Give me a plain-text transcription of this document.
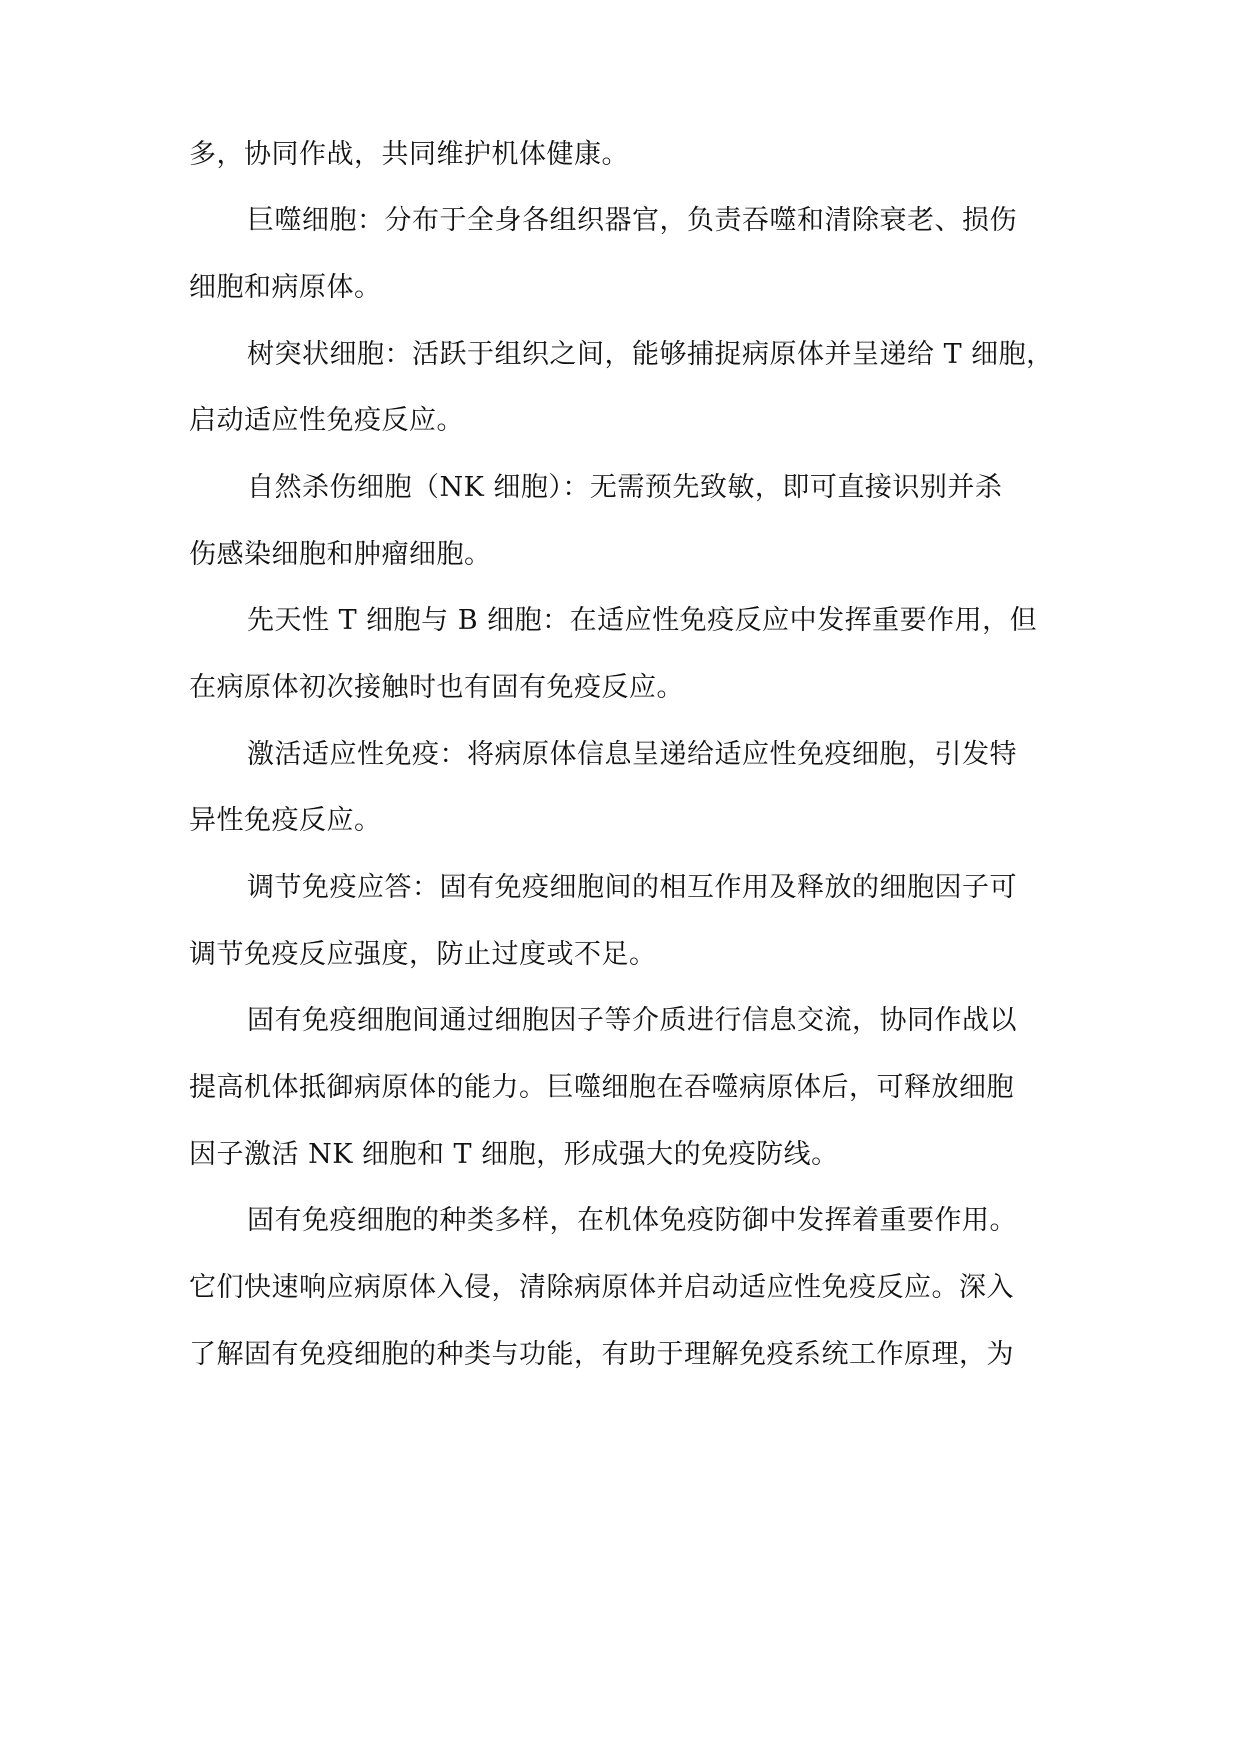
多，协同作战，共同维护机体健康。

巨噬细胞：分布于全身各组织器官，负责吞噬和清除衰老、损伤

细胞和病原体。

树突状细胞：活跃于组织之间，能够捕捉病原体并呈递给 T 细胞，

启动适应性免疫反应。

自然杀伤细胞（NK 细胞）：无需预先致敏，即可直接识别并杀

伤感染细胞和肿瘤细胞。

先天性 T 细胞与 B 细胞：在适应性免疫反应中发挥重要作用，但

在病原体初次接触时也有固有免疫反应。

激活适应性免疫：将病原体信息呈递给适应性免疫细胞，引发特

异性免疫反应。

调节免疫应答：固有免疫细胞间的相互作用及释放的细胞因子可

调节免疫反应强度，防止过度或不足。

固有免疫细胞间通过细胞因子等介质进行信息交流，协同作战以

提高机体抵御病原体的能力。巨噬细胞在吞噬病原体后，可释放细胞

因子激活 NK 细胞和 T 细胞，形成强大的免疫防线。

固有免疫细胞的种类多样，在机体免疫防御中发挥着重要作用。

它们快速响应病原体入侵，清除病原体并启动适应性免疫反应。深入

了解固有免疫细胞的种类与功能，有助于理解免疫系统工作原理，为
